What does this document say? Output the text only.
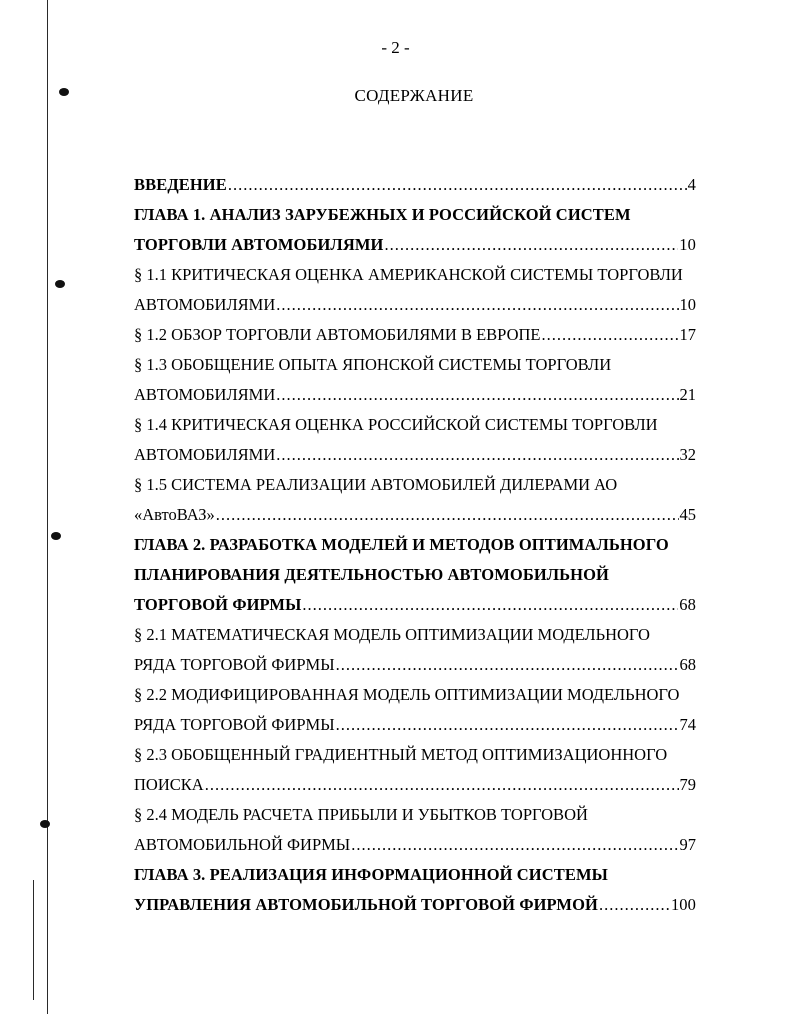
- 2 -
СОДЕРЖАНИЕ
ВВЕДЕНИЕ .....	4
ГЛАВА 1. АНАЛИЗ ЗАРУБЕЖНЫХ И РОССИЙСКОЙ СИСТЕМ
ТОРГОВЛИ АВТОМОБИЛЯМИ .....	10
§ 1.1 КРИТИЧЕСКАЯ ОЦЕНКА АМЕРИКАНСКОЙ СИСТЕМЫ ТОРГОВЛИ
АВТОМОБИЛЯМИ .....	10
§ 1.2 ОБЗОР ТОРГОВЛИ АВТОМОБИЛЯМИ В ЕВРОПЕ .....	17
§ 1.3 ОБОБЩЕНИЕ ОПЫТА ЯПОНСКОЙ СИСТЕМЫ ТОРГОВЛИ
АВТОМОБИЛЯМИ .....	21
§ 1.4 КРИТИЧЕСКАЯ ОЦЕНКА РОССИЙСКОЙ СИСТЕМЫ ТОРГОВЛИ
АВТОМОБИЛЯМИ .....	32
§ 1.5 СИСТЕМА РЕАЛИЗАЦИИ АВТОМОБИЛЕЙ ДИЛЕРАМИ АО
«АвтоВАЗ» .....	45
ГЛАВА 2. РАЗРАБОТКА МОДЕЛЕЙ И МЕТОДОВ ОПТИМАЛЬНОГО
ПЛАНИРОВАНИЯ ДЕЯТЕЛЬНОСТЬЮ АВТОМОБИЛЬНОЙ
ТОРГОВОЙ ФИРМЫ .....	68
§ 2.1 МАТЕМАТИЧЕСКАЯ МОДЕЛЬ ОПТИМИЗАЦИИ МОДЕЛЬНОГО
РЯДА ТОРГОВОЙ ФИРМЫ .....	68
§ 2.2 МОДИФИЦИРОВАННАЯ МОДЕЛЬ ОПТИМИЗАЦИИ МОДЕЛЬНОГО
РЯДА ТОРГОВОЙ ФИРМЫ .....	74
§ 2.3 ОБОБЩЕННЫЙ ГРАДИЕНТНЫЙ МЕТОД ОПТИМИЗАЦИОННОГО
ПОИСКА .....	79
§ 2.4 МОДЕЛЬ РАСЧЕТА ПРИБЫЛИ И УБЫТКОВ ТОРГОВОЙ
АВТОМОБИЛЬНОЙ ФИРМЫ .....	97
ГЛАВА 3. РЕАЛИЗАЦИЯ ИНФОРМАЦИОННОЙ СИСТЕМЫ
УПРАВЛЕНИЯ АВТОМОБИЛЬНОЙ ТОРГОВОЙ ФИРМОЙ .....	100
